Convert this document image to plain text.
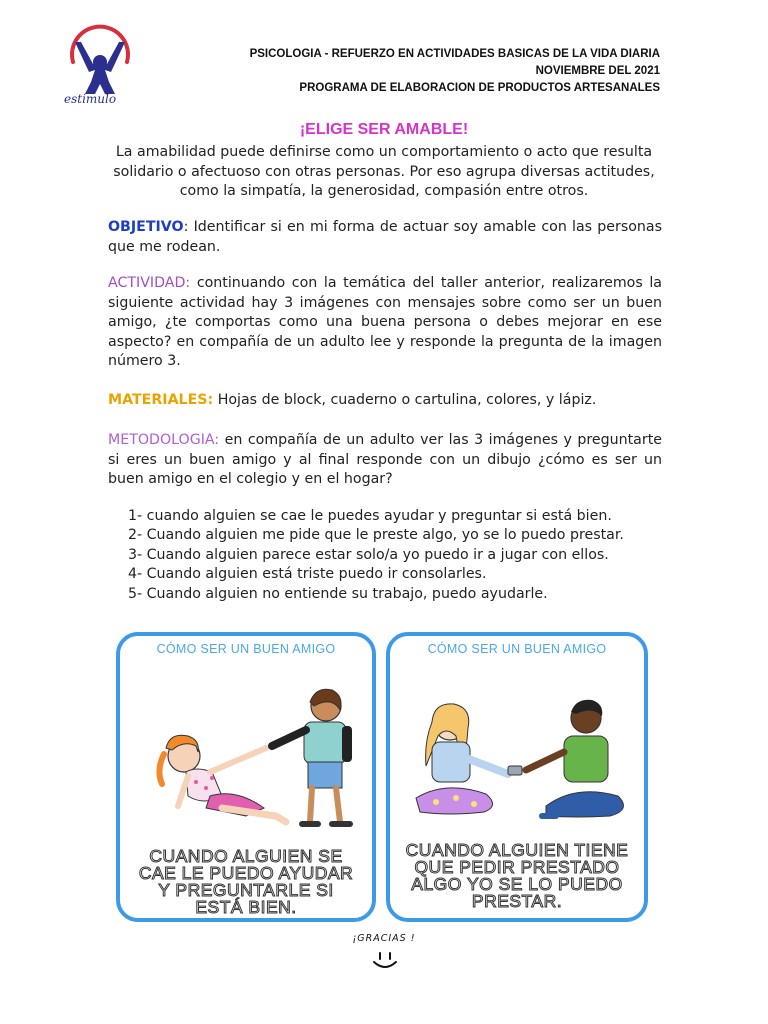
estimulo
PSICOLOGIA - REFUERZO EN ACTIVIDADES BASICAS DE LA VIDA DIARIA
NOVIEMBRE DEL 2021
PROGRAMA DE ELABORACION DE PRODUCTOS ARTESANALES
¡ELIGE SER AMABLE!
La amabilidad puede definirse como un comportamiento o acto que resulta solidario o afectuoso con otras personas. Por eso agrupa diversas actitudes, como la simpatía, la generosidad, compasión entre otros.
OBJETIVO: Identificar si en mi forma de actuar soy amable con las personas que me rodean.
ACTIVIDAD: continuando con la temática del taller anterior, realizaremos la siguiente actividad hay 3 imágenes con mensajes sobre como ser un buen amigo, ¿te comportas como una buena persona o debes mejorar en ese aspecto? en compañía de un adulto lee y responde la pregunta de la imagen número 3.
MATERIALES: Hojas de block, cuaderno o cartulina, colores, y lápiz.
METODOLOGIA: en compañía de un adulto ver las 3 imágenes y preguntarte si eres un buen amigo y al final responde con un dibujo ¿cómo es ser un buen amigo en el colegio y en el hogar?
1- cuando alguien se cae le puedes ayudar y preguntar si está bien.
2- Cuando alguien me pide que le preste algo, yo se lo puedo prestar.
3- Cuando alguien parece estar solo/a yo puedo ir a jugar con ellos.
4- Cuando alguien está triste puedo ir consolarles.
5- Cuando alguien no entiende su trabajo, puedo ayudarle.
CÓMO SER UN BUEN AMIGO
CUANDO ALGUIEN SE
CAE LE PUEDO AYUDAR
Y PREGUNTARLE SI
ESTÁ BIEN.
CÓMO SER UN BUEN AMIGO
CUANDO ALGUIEN TIENE
QUE PEDIR PRESTADO
ALGO YO SE LO PUEDO
PRESTAR.
¡GRACIAS !
